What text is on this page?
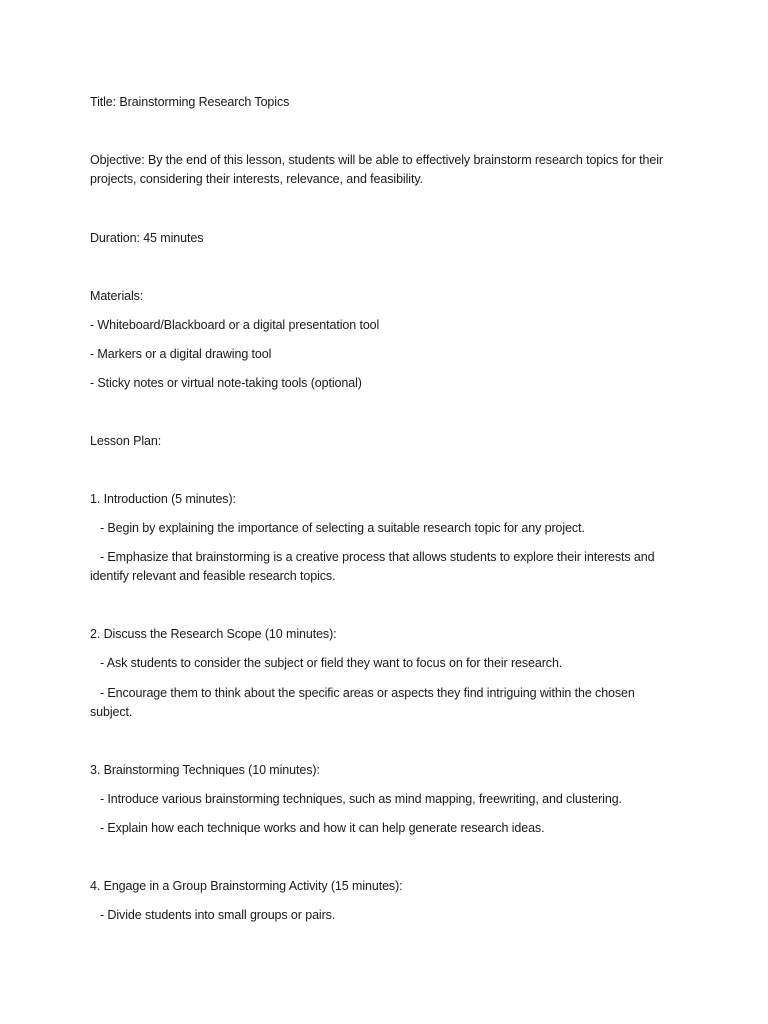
Title: Brainstorming Research Topics
Objective: By the end of this lesson, students will be able to effectively brainstorm research topics for their projects, considering their interests, relevance, and feasibility.
Duration: 45 minutes
Materials:
- Whiteboard/Blackboard or a digital presentation tool
- Markers or a digital drawing tool
- Sticky notes or virtual note-taking tools (optional)
Lesson Plan:
1. Introduction (5 minutes):
- Begin by explaining the importance of selecting a suitable research topic for any project.
- Emphasize that brainstorming is a creative process that allows students to explore their interests and identify relevant and feasible research topics.
2. Discuss the Research Scope (10 minutes):
- Ask students to consider the subject or field they want to focus on for their research.
- Encourage them to think about the specific areas or aspects they find intriguing within the chosen subject.
3. Brainstorming Techniques (10 minutes):
- Introduce various brainstorming techniques, such as mind mapping, freewriting, and clustering.
- Explain how each technique works and how it can help generate research ideas.
4. Engage in a Group Brainstorming Activity (15 minutes):
- Divide students into small groups or pairs.
